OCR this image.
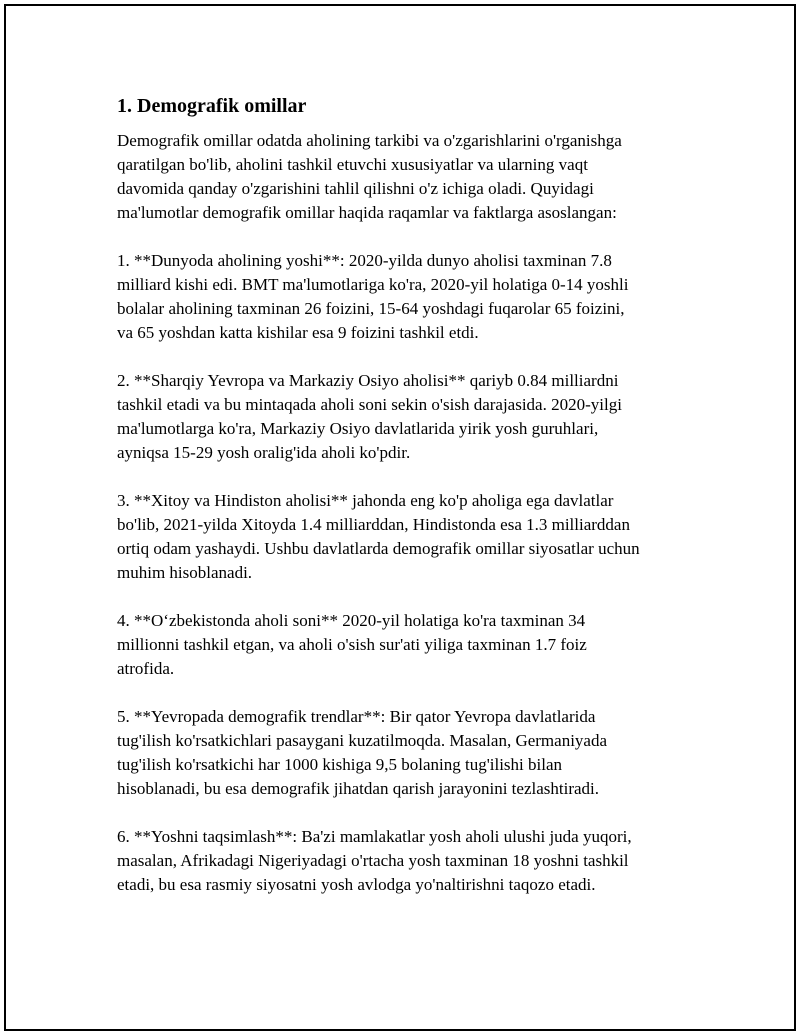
1. Demografik omillar

Demografik omillar odatda aholining tarkibi va o'zgarishlarini o'rganishga
qaratilgan bo'lib, aholini tashkil etuvchi xususiyatlar va ularning vaqt
davomida qanday o'zgarishini tahlil qilishni o'z ichiga oladi. Quyidagi
ma'lumotlar demografik omillar haqida raqamlar va faktlarga asoslangan:

1. **Dunyoda aholining yoshi**: 2020-yilda dunyo aholisi taxminan 7.8
milliard kishi edi. BMT ma'lumotlariga ko'ra, 2020-yil holatiga 0-14 yoshli
bolalar aholining taxminan 26 foizini, 15-64 yoshdagi fuqarolar 65 foizini,
va 65 yoshdan katta kishilar esa 9 foizini tashkil etdi.

2. **Sharqiy Yevropa va Markaziy Osiyo aholisi** qariyb 0.84 milliardni
tashkil etadi va bu mintaqada aholi soni sekin o'sish darajasida. 2020-yilgi
ma'lumotlarga ko'ra, Markaziy Osiyo davlatlarida yirik yosh guruhlari,
ayniqsa 15-29 yosh oralig'ida aholi ko'pdir.

3. **Xitoy va Hindiston aholisi** jahonda eng ko'p aholiga ega davlatlar
bo'lib, 2021-yilda Xitoyda 1.4 milliarddan, Hindistonda esa 1.3 milliarddan
ortiq odam yashaydi. Ushbu davlatlarda demografik omillar siyosatlar uchun
muhim hisoblanadi.

4. **O‘zbekistonda aholi soni** 2020-yil holatiga ko'ra taxminan 34
millionni tashkil etgan, va aholi o'sish sur'ati yiliga taxminan 1.7 foiz
atrofida.

5. **Yevropada demografik trendlar**: Bir qator Yevropa davlatlarida
tug'ilish ko'rsatkichlari pasaygani kuzatilmoqda. Masalan, Germaniyada
tug'ilish ko'rsatkichi har 1000 kishiga 9,5 bolaning tug'ilishi bilan
hisoblanadi, bu esa demografik jihatdan qarish jarayonini tezlashtiradi.

6. **Yoshni taqsimlash**: Ba'zi mamlakatlar yosh aholi ulushi juda yuqori,
masalan, Afrikadagi Nigeriyadagi o'rtacha yosh taxminan 18 yoshni tashkil
etadi, bu esa rasmiy siyosatni yosh avlodga yo'naltirishni taqozo etadi.
